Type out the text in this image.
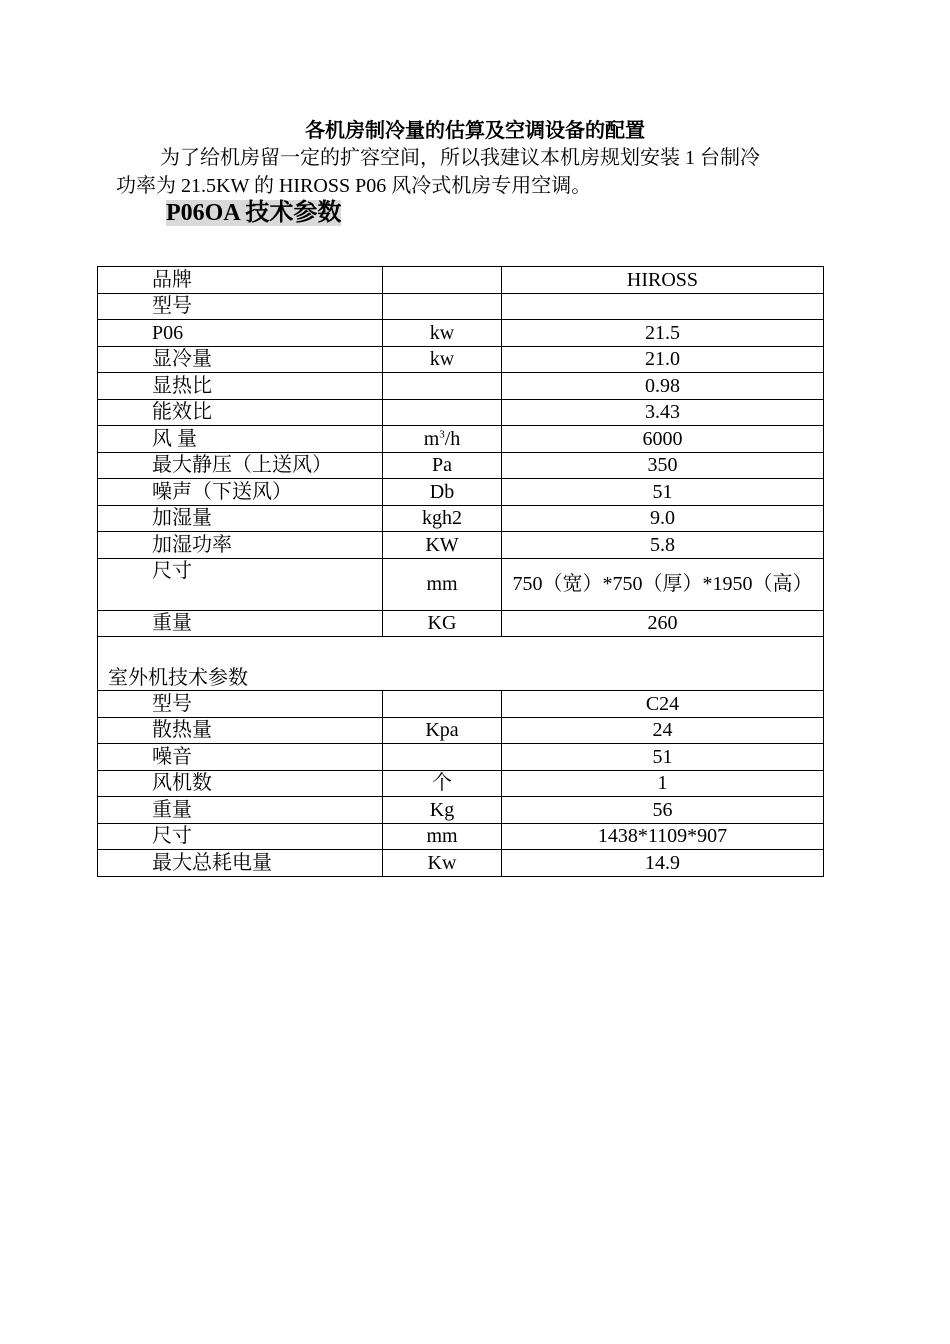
各机房制冷量的估算及空调设备的配置
为了给机房留一定的扩容空间，所以我建议本机房规划安装 1 台制冷
功率为 21.5KW 的 HIROSS P06 风冷式机房专用空调。
P06OA 技术参数
品牌		HIROSS
型号		
P06	kw	21.5
显冷量	kw	21.0
显热比		0.98
能效比		3.43
风 量	$m^3/h$	6000
最大静压（上送风）	Pa	350
噪声（下送风）	Db	51
加湿量	kgh2	9.0
加湿功率	KW	5.8
尺寸	mm	750（宽）*750（厚）*1950（高）
重量	KG	260
室外机技术参数		
型号		C24
散热量	Kpa	24
噪音		51
风机数	个	1
重量	Kg	56
尺寸	mm	1438*1109*907
最大总耗电量	Kw	14.9
